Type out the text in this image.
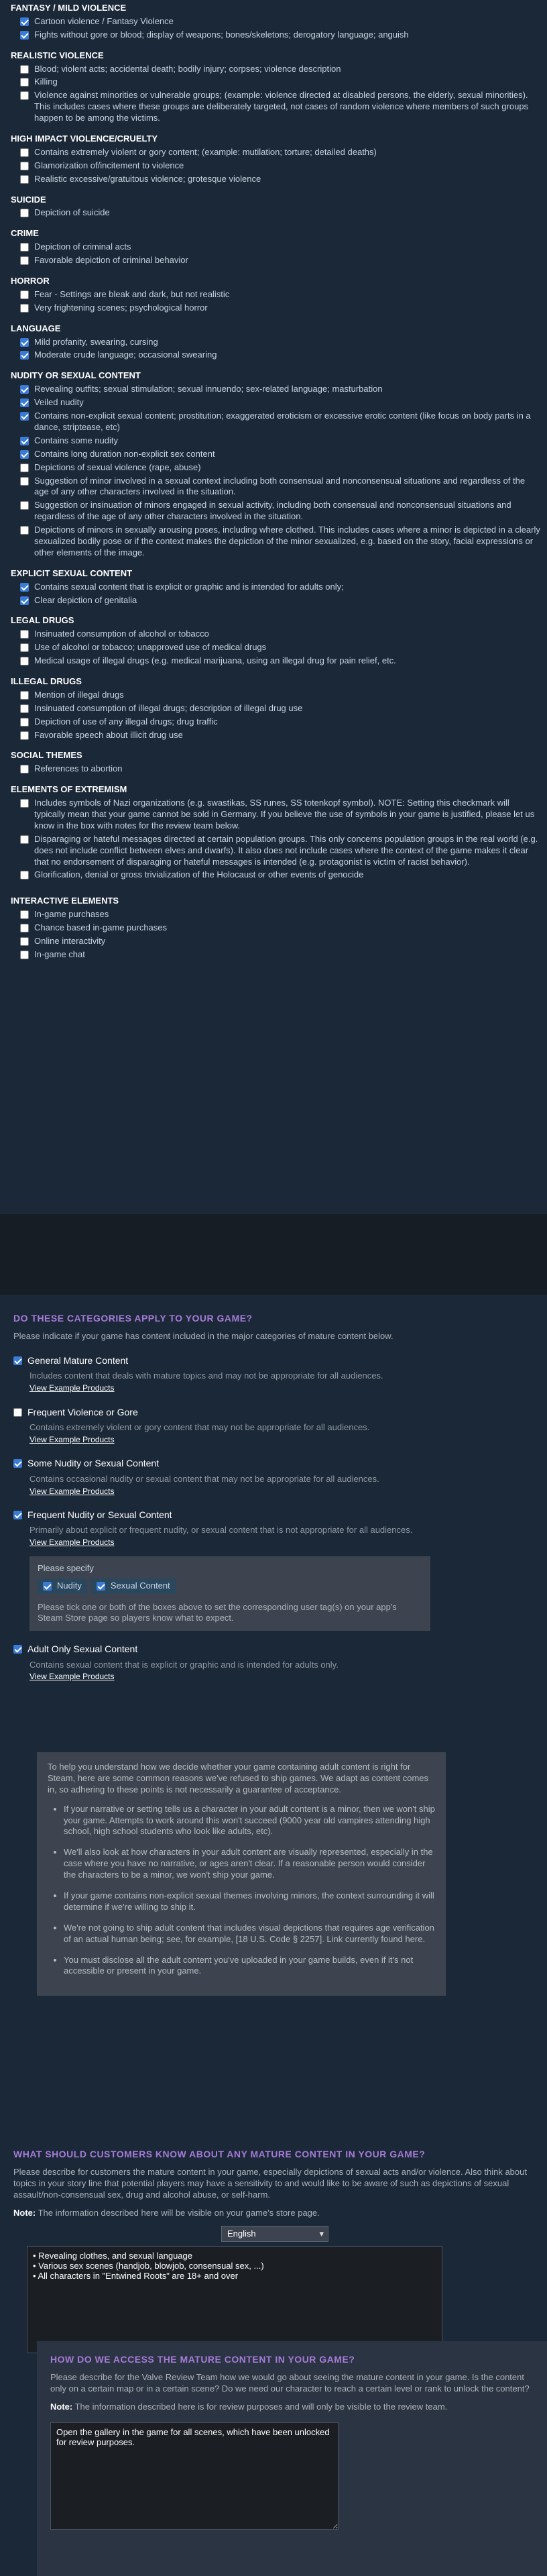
FANTASY / MILD VIOLENCE
Cartoon violence / Fantasy Violence
Fights without gore or blood; display of weapons; bones/skeletons; derogatory language; anguish
REALISTIC VIOLENCE
Blood; violent acts; accidental death; bodily injury; corpses; violence description
Killing
Violence against minorities or vulnerable groups; (example: violence directed at disabled persons, the elderly, sexual minorities). This includes cases where these groups are deliberately targeted, not cases of random violence where members of such groups happen to be among the victims.
HIGH IMPACT VIOLENCE/CRUELTY
Contains extremely violent or gory content; (example: mutilation; torture; detailed deaths)
Glamorization of/incitement to violence
Realistic excessive/gratuitous violence; grotesque violence
SUICIDE
Depiction of suicide
CRIME
Depiction of criminal acts
Favorable depiction of criminal behavior
HORROR
Fear - Settings are bleak and dark, but not realistic
Very frightening scenes; psychological horror
LANGUAGE
Mild profanity, swearing, cursing
Moderate crude language; occasional swearing
NUDITY OR SEXUAL CONTENT
Revealing outfits; sexual stimulation; sexual innuendo; sex-related language; masturbation
Veiled nudity
Contains non-explicit sexual content; prostitution; exaggerated eroticism or excessive erotic content (like focus on body parts in a dance, striptease, etc)
Contains some nudity
Contains long duration non-explicit sex content
Depictions of sexual violence (rape, abuse)
Suggestion of minor involved in a sexual context including both consensual and nonconsensual situations and regardless of the age of any other characters involved in the situation.
Suggestion or insinuation of minors engaged in sexual activity, including both consensual and nonconsensual situations and regardless of the age of any other characters involved in the situation.
Depictions of minors in sexually arousing poses, including where clothed. This includes cases where a minor is depicted in a clearly sexualized bodily pose or if the context makes the depiction of the minor sexualized, e.g. based on the story, facial expressions or other elements of the image.
EXPLICIT SEXUAL CONTENT
Contains sexual content that is explicit or graphic and is intended for adults only;
Clear depiction of genitalia
LEGAL DRUGS
Insinuated consumption of alcohol or tobacco
Use of alcohol or tobacco; unapproved use of medical drugs
Medical usage of illegal drugs (e.g. medical marijuana, using an illegal drug for pain relief, etc.
ILLEGAL DRUGS
Mention of illegal drugs
Insinuated consumption of illegal drugs; description of illegal drug use
Depiction of use of any illegal drugs; drug traffic
Favorable speech about illicit drug use
SOCIAL THEMES
References to abortion
ELEMENTS OF EXTREMISM
Includes symbols of Nazi organizations (e.g. swastikas, SS runes, SS totenkopf symbol). NOTE: Setting this checkmark will typically mean that your game cannot be sold in Germany. If you believe the use of symbols in your game is justified, please let us know in the box with notes for the review team below.
Disparaging or hateful messages directed at certain population groups. This only concerns population groups in the real world (e.g. does not include conflict between elves and dwarfs). It also does not include cases where the context of the game makes it clear that no endorsement of disparaging or hateful messages is intended (e.g. protagonist is victim of racist behavior).
Glorification, denial or gross trivialization of the Holocaust or other events of genocide
INTERACTIVE ELEMENTS
In-game purchases
Chance based in-game purchases
Online interactivity
In-game chat
DO THESE CATEGORIES APPLY TO YOUR GAME?
Please indicate if your game has content included in the major categories of mature content below.
General Mature Content
Includes content that deals with mature topics and may not be appropriate for all audiences.
View Example Products
Frequent Violence or Gore
Contains extremely violent or gory content that may not be appropriate for all audiences.
View Example Products
Some Nudity or Sexual Content
Contains occasional nudity or sexual content that may not be appropriate for all audiences.
View Example Products
Frequent Nudity or Sexual Content
Primarily about explicit or frequent nudity, or sexual content that is not appropriate for all audiences.
View Example Products
Please specify
Nudity	Sexual Content
Please tick one or both of the boxes above to set the corresponding user tag(s) on your app's Steam Store page so players know what to expect.
Adult Only Sexual Content
Contains sexual content that is explicit or graphic and is intended for adults only.
View Example Products
To help you understand how we decide whether your game containing adult content is right for Steam, here are some common reasons we've refused to ship games. We adapt as content comes in, so adhering to these points is not necessarily a guarantee of acceptance.
• If your narrative or setting tells us a character in your adult content is a minor, then we won't ship your game. Attempts to work around this won't succeed (9000 year old vampires attending high school, high school students who look like adults, etc).
• We'll also look at how characters in your adult content are visually represented, especially in the case where you have no narrative, or ages aren't clear. If a reasonable person would consider the characters to be a minor, we won't ship your game.
• If your game contains non-explicit sexual themes involving minors, the context surrounding it will determine if we're willing to ship it.
• We're not going to ship adult content that includes visual depictions that requires age verification of an actual human being; see, for example, [18 U.S. Code § 2257]. Link currently found here.
• You must disclose all the adult content you've uploaded in your game builds, even if it's not accessible or present in your game.
WHAT SHOULD CUSTOMERS KNOW ABOUT ANY MATURE CONTENT IN YOUR GAME?
Please describe for customers the mature content in your game, especially depictions of sexual acts and/or violence. Also think about topics in your story line that potential players may have a sensitivity to and would like to be aware of such as depictions of sexual assault/non-consensual sex, drug and alcohol abuse, or self-harm.
Note: The information described here will be visible on your game's store page.
English ▾
• Revealing clothes, and sexual language • Various sex scenes (handjob, blowjob, consensual sex, ...) • All characters in "Entwined Roots" are 18+ and over
HOW DO WE ACCESS THE MATURE CONTENT IN YOUR GAME?
Please describe for the Valve Review Team how we would go about seeing the mature content in your game. Is the content only on a certain map or in a certain scene? Do we need our character to reach a certain level or rank to unlock the content?
Note: The information described here is for review purposes and will only be visible to the review team.
Open the gallery in the game for all scenes, which have been unlocked for review purposes.
